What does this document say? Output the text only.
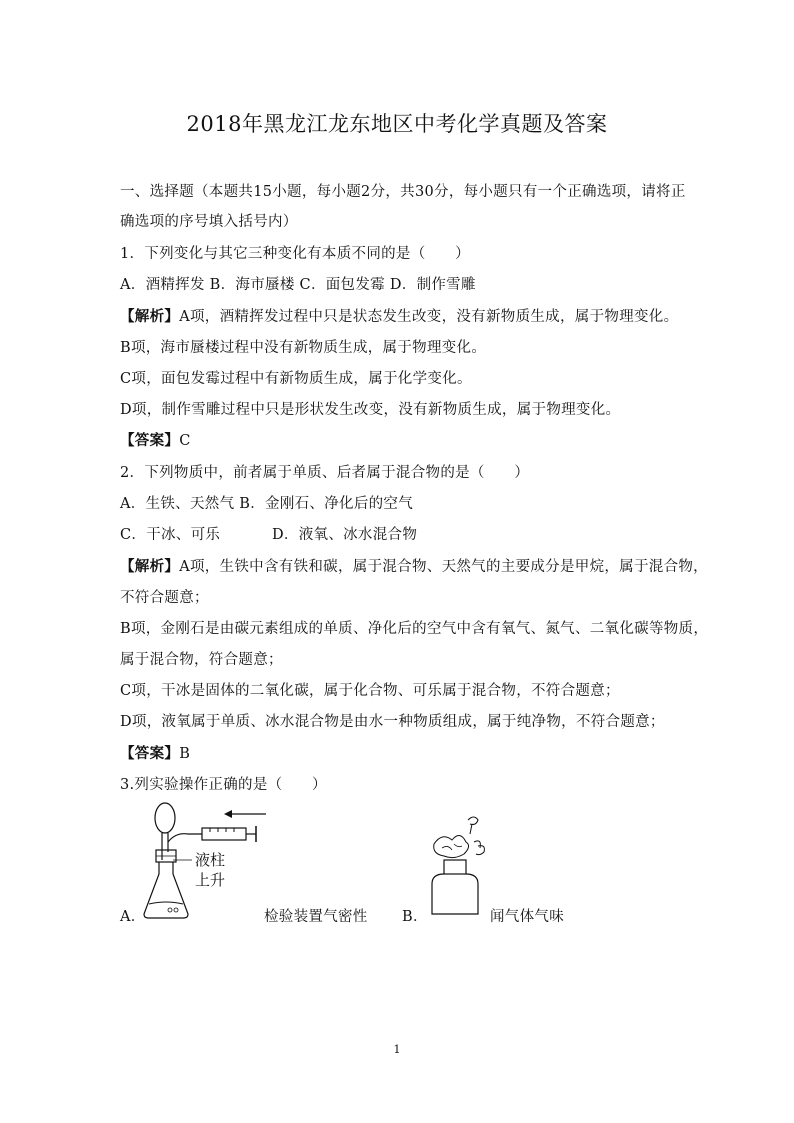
2018年黑龙江龙东地区中考化学真题及答案
一、选择题（本题共15小题，每小题2分，共30分，每小题只有一个正确选项，请将正
确选项的序号填入括号内）
1．下列变化与其它三种变化有本质不同的是（　　）
A．酒精挥发 B．海市蜃楼 C．面包发霉 D．制作雪雕
【解析】A项，酒精挥发过程中只是状态发生改变，没有新物质生成，属于物理变化。
B项，海市蜃楼过程中没有新物质生成，属于物理变化。
C项，面包发霉过程中有新物质生成，属于化学变化。
D项，制作雪雕过程中只是形状发生改变，没有新物质生成，属于物理变化。
【答案】C
2．下列物质中，前者属于单质、后者属于混合物的是（　　）
A．生铁、天然气 B．金刚石、净化后的空气
C．干冰、可乐	D．液氧、冰水混合物
【解析】A项，生铁中含有铁和碳，属于混合物、天然气的主要成分是甲烷，属于混合物，
不符合题意；
B项，金刚石是由碳元素组成的单质、净化后的空气中含有氧气、氮气、二氧化碳等物质，
属于混合物，符合题意；
C项，干冰是固体的二氧化碳，属于化合物、可乐属于混合物，不符合题意；
D项，液氧属于单质、冰水混合物是由水一种物质组成，属于纯净物，不符合题意；
【答案】B
3.列实验操作正确的是（　　）
液柱
上升
A．	检验装置气密性 B．	闻气体气味
1
